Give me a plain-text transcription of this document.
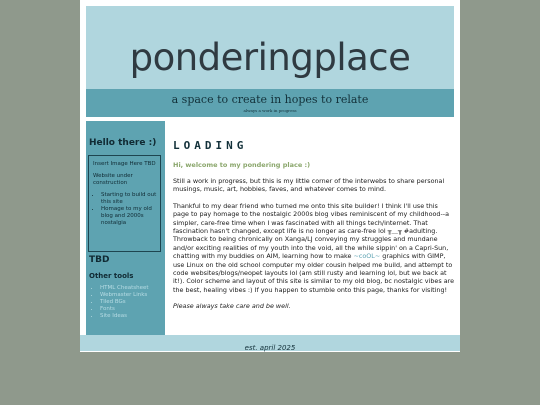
ponderingplace
a space to create in hopes to relate
always a work in progress
Hello there :)

Insert Image Here TBD

Website under construction

• Starting to build out this site
• Homage to my old blog and 2000s nostalgia
TBD
Other tools
• HTML Cheatsheet
• Webmaster Links
• Tiled BGs
• Fonts
• Site Ideas

LOADING

Hi, welcome to my pondering place :)

Still a work in progress, but this is my little corner of the interwebs to share personal musings, music, art, hobbies, faves, and whatever comes to mind.

Thankful to my dear friend who turned me onto this site builder! I think I'll use this page to pay homage to the nostalgic 2000s blog vibes reminiscent of my childhood--a simpler, care-free time when I was fascinated with all things tech/internet. That fascination hasn't changed, except life is no longer as care-free lol ╥﹏╥ #adulting. Throwback to being chronically on Xanga/LJ conveying my struggles and mundane and/or exciting realities of my youth into the void, all the while sippin' on a Capri-Sun, chatting with my buddies on AIM, learning how to make ~coOL~ graphics with GIMP, use Linux on the old school computer my older cousin helped me build, and attempt to code websites/blogs/neopet layouts lol (am still rusty and learning lol, but we back at it!). Color scheme and layout of this site is similar to my old blog, bc nostalgic vibes are the best, healing vibes :) If you happen to stumble onto this page, thanks for visiting!

Please always take care and be well.

est. april 2025
